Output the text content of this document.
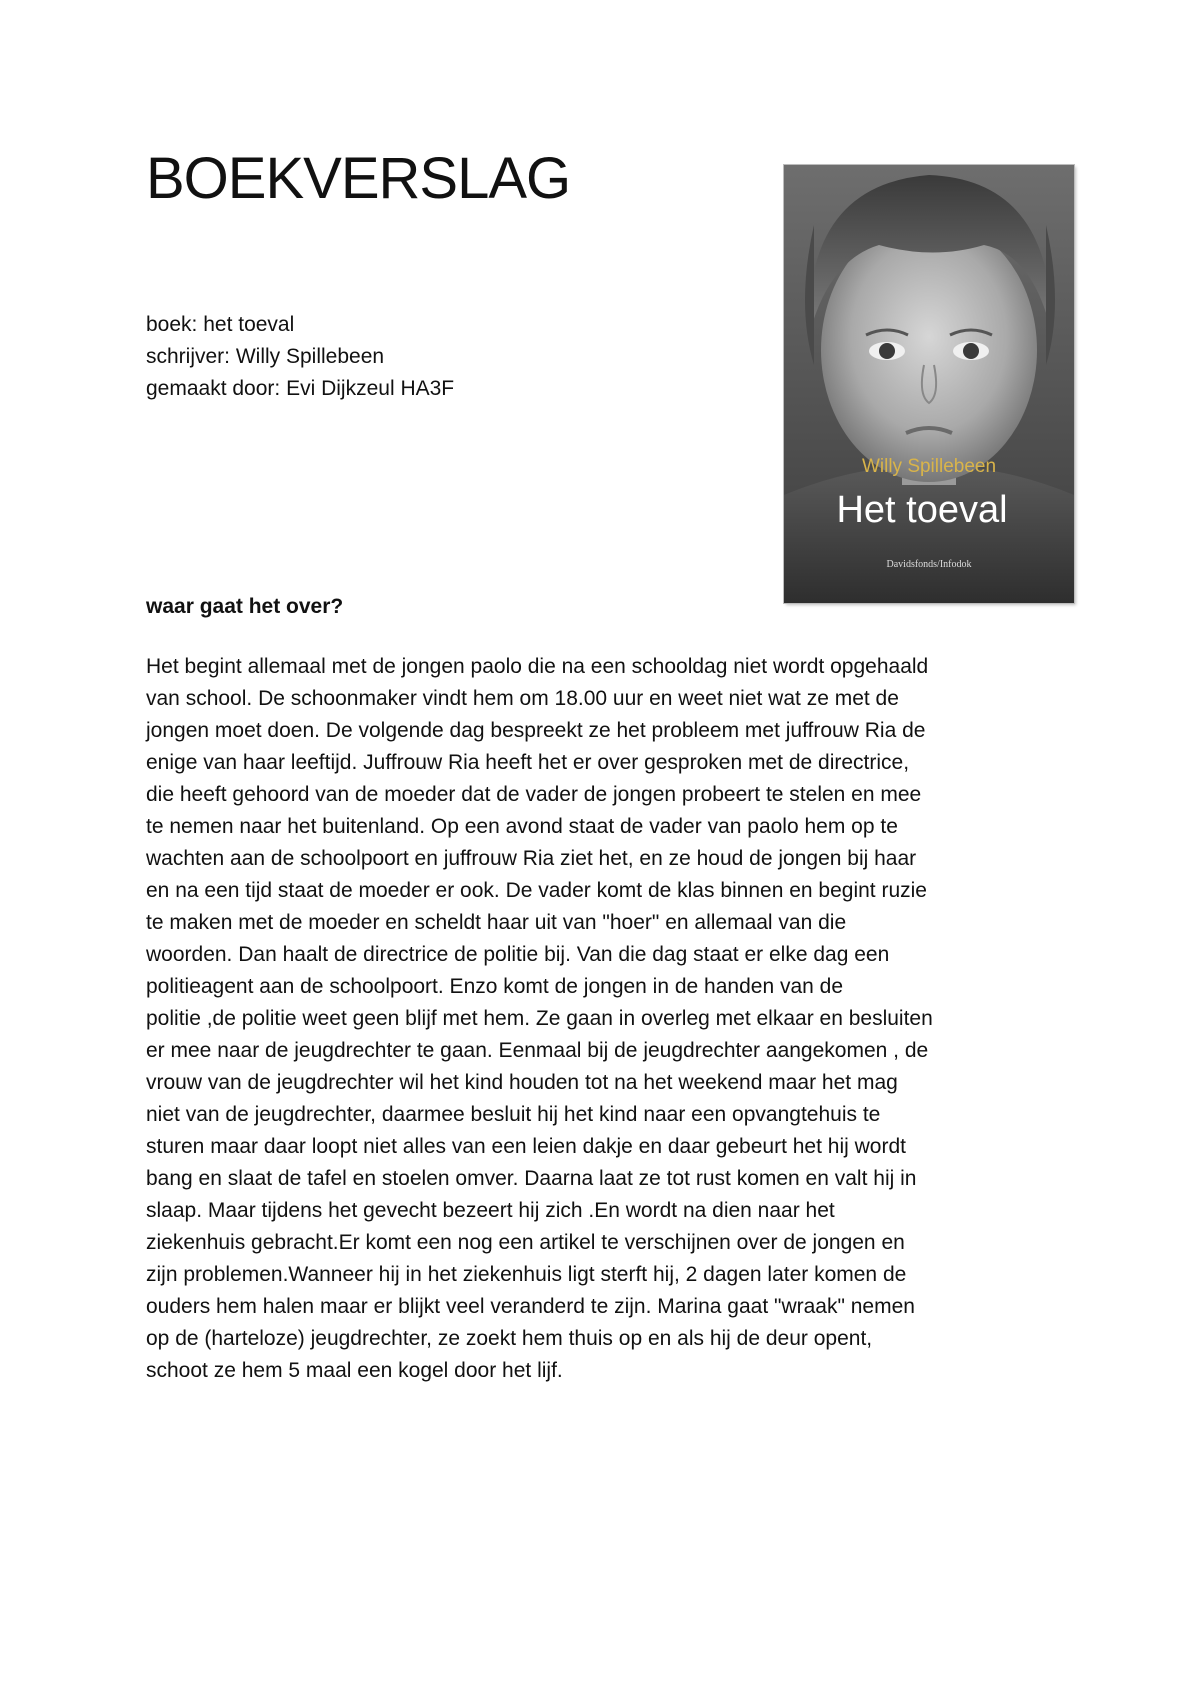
BOEKVERSLAG

boek: het toeval

schrijver: Willy Spillebeen

gemaakt door: Evi Dijkzeul HA3F

Willy Spillebeen
Het toeval
Davidsfonds/Infodok
waar gaat het over?
Het begint allemaal met de jongen paolo die na een schooldag niet wordt opgehaald
van school. De schoonmaker vindt hem om 18.00 uur en weet niet wat ze met de
jongen moet doen. De volgende dag bespreekt ze het probleem met juffrouw Ria de
enige van haar leeftijd. Juffrouw Ria heeft het er over gesproken met de directrice,
die heeft gehoord van de moeder dat de vader de jongen probeert te stelen en mee
te nemen naar het buitenland. Op een avond staat de vader van paolo hem op te
wachten aan de schoolpoort en juffrouw Ria ziet het, en ze houd de jongen bij haar
en na een tijd staat de moeder er ook. De vader komt de klas binnen en begint ruzie
te maken met de moeder en scheldt haar uit van "hoer" en allemaal van die
woorden. Dan haalt de directrice de politie bij. Van die dag staat er elke dag een
politieagent aan de schoolpoort. Enzo komt de jongen in de handen van de
politie ,de politie weet geen blijf met hem. Ze gaan in overleg met elkaar en besluiten
er mee naar de jeugdrechter te gaan. Eenmaal bij de jeugdrechter aangekomen , de
vrouw van de jeugdrechter wil het kind houden tot na het weekend maar het mag
niet van de jeugdrechter, daarmee besluit hij het kind naar een opvangtehuis te
sturen maar daar loopt niet alles van een leien dakje en daar gebeurt het hij wordt
bang en slaat de tafel en stoelen omver. Daarna laat ze tot rust komen en valt hij in
slaap. Maar tijdens het gevecht bezeert hij zich .En wordt na dien naar het
ziekenhuis gebracht.Er komt een nog een artikel te verschijnen over de jongen en
zijn problemen.Wanneer hij in het ziekenhuis ligt sterft hij, 2 dagen later komen de
ouders hem halen maar er blijkt veel veranderd te zijn. Marina gaat "wraak" nemen
op de (harteloze) jeugdrechter, ze zoekt hem thuis op en als hij de deur opent,
schoot ze hem 5 maal een kogel door het lijf.
